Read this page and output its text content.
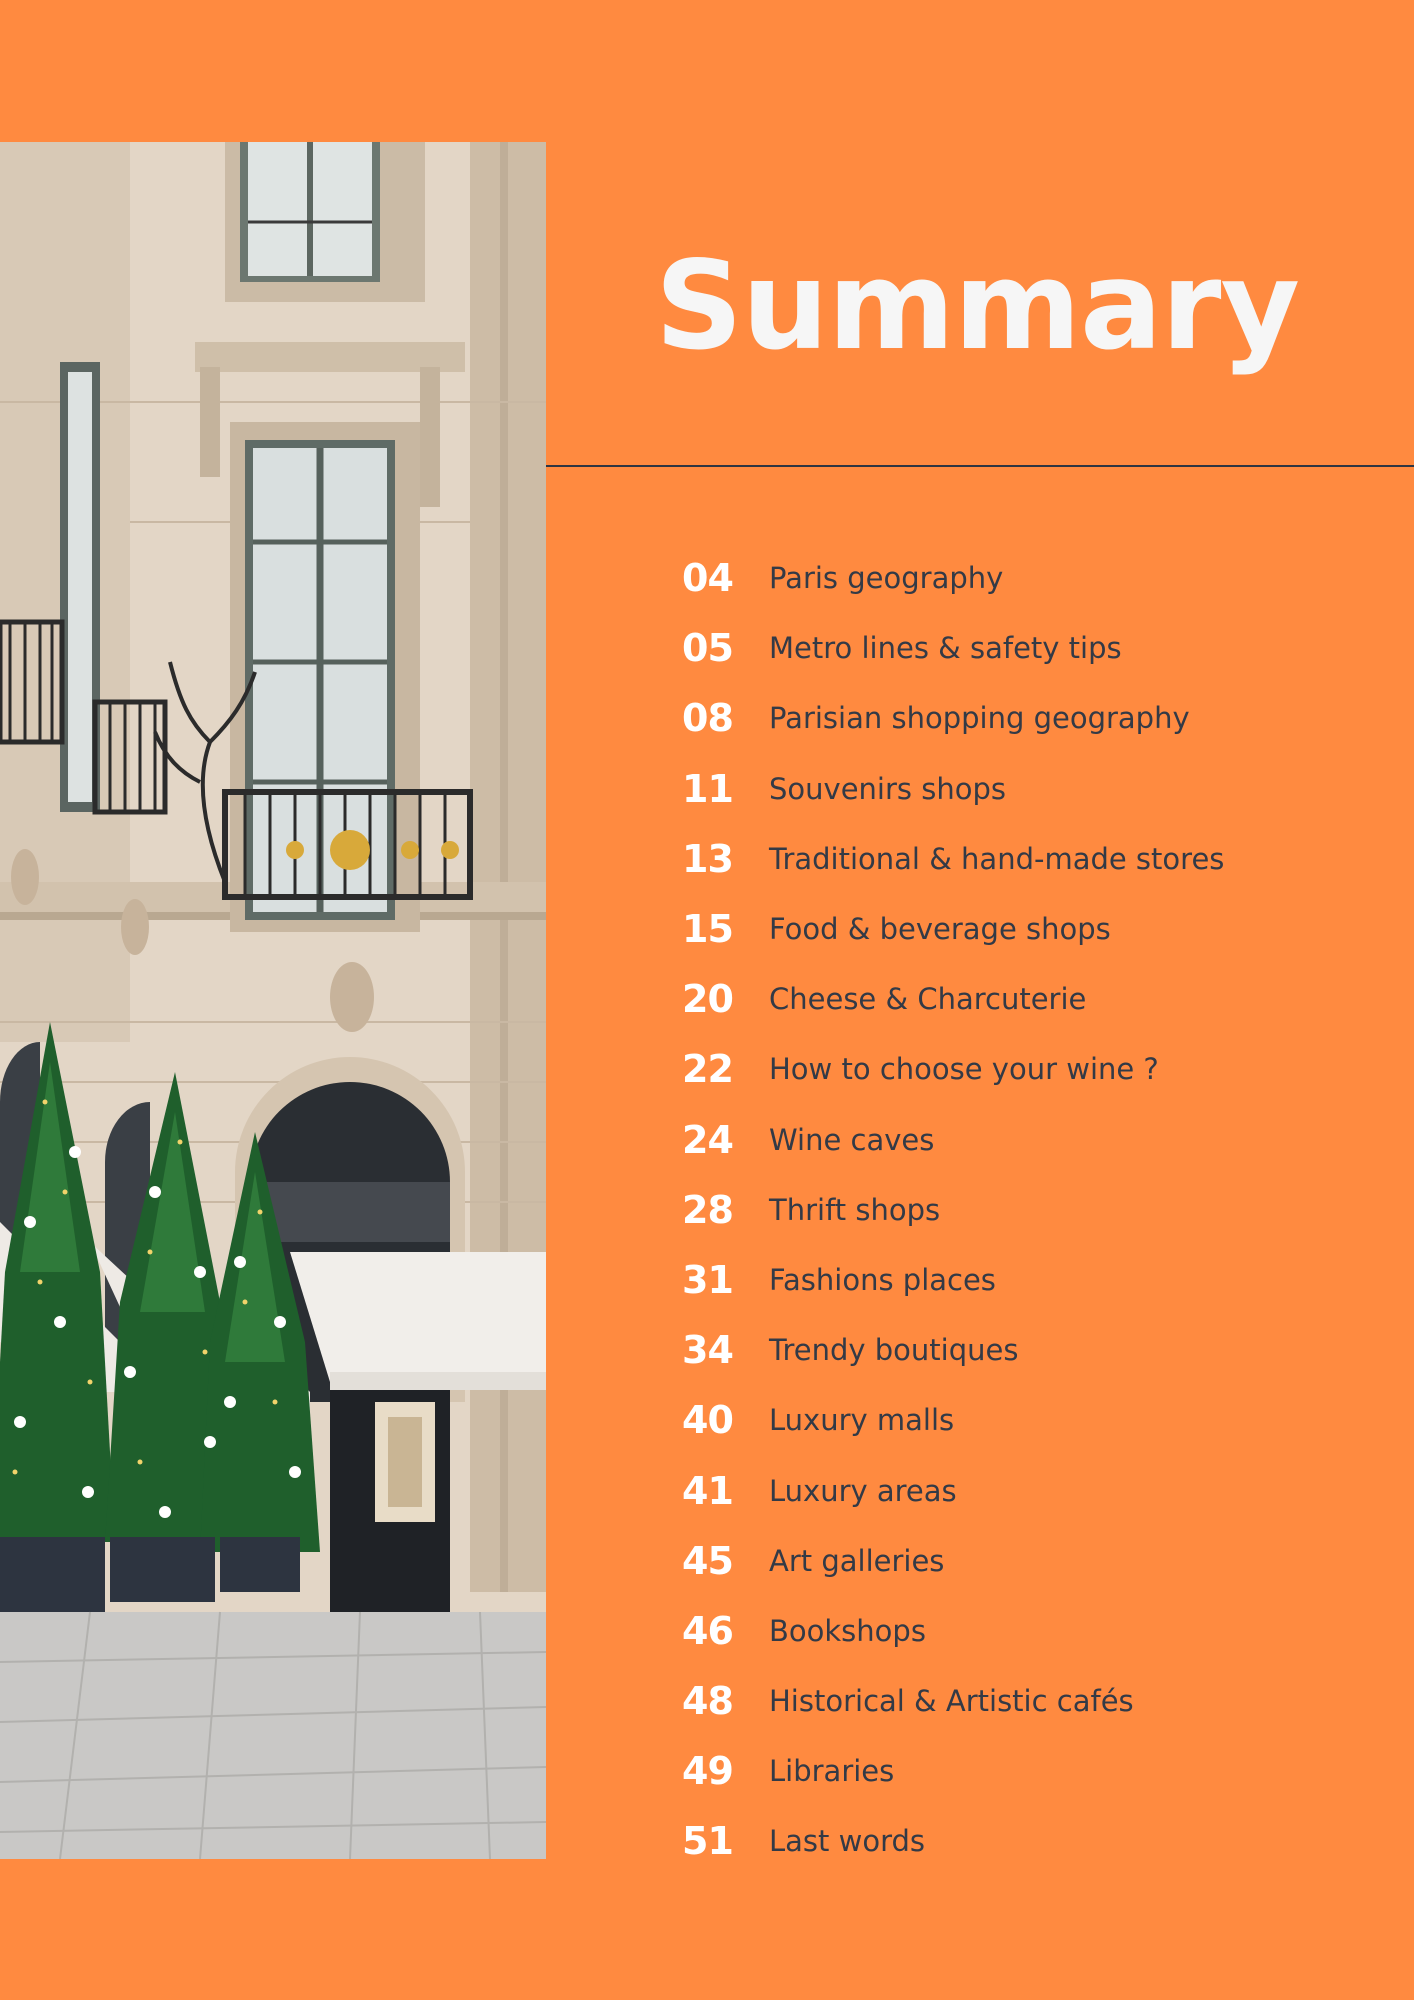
Summary
04	Paris geography
05	Metro lines & safety tips
08	Parisian shopping geography
11	Souvenirs shops
13	Traditional & hand-made stores
15	Food & beverage shops
20	Cheese & Charcuterie
22	How to choose your wine ?
24	Wine caves
28	Thrift shops
31	Fashions places
34	Trendy boutiques
40	Luxury malls
41	Luxury areas
45	Art galleries
46	Bookshops
48	Historical & Artistic cafés
49	Libraries
51	Last words
